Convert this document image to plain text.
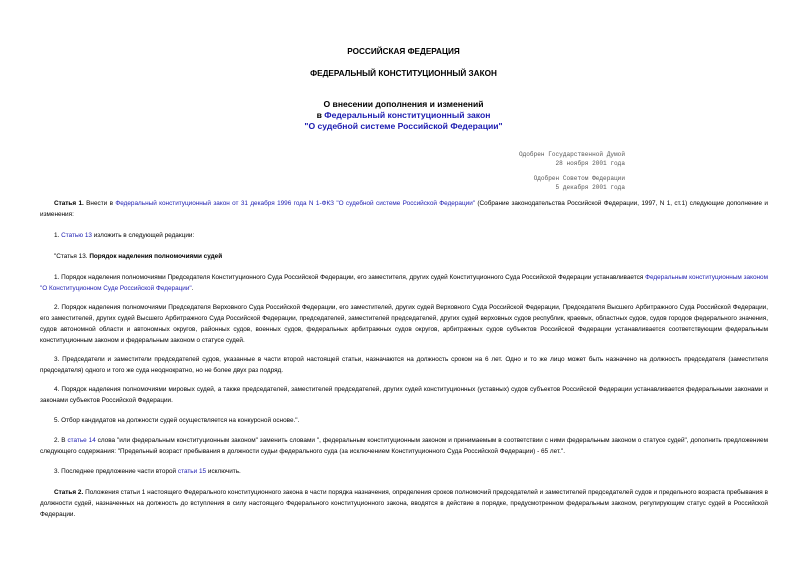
РОССИЙСКАЯ ФЕДЕРАЦИЯ
ФЕДЕРАЛЬНЫЙ КОНСТИТУЦИОННЫЙ ЗАКОН
О внесении дополнения и изменений
в Федеральный конституционный закон
"О судебной системе Российской Федерации"
Одобрен Государственной Думой
28 ноября 2001 года
Одобрен Советом Федерации
5 декабря 2001 года
Статья 1. Внести в Федеральный конституционный закон от 31 декабря 1996 года N 1-ФКЗ "О судебной системе Российской Федерации" (Собрание законодательства Российской Федерации, 1997, N 1, ст.1) следующие дополнение и изменения:
1. Статью 13 изложить в следующей редакции:
"Статья 13. Порядок наделения полномочиями судей
1. Порядок наделения полномочиями Председателя Конституционного Суда Российской Федерации, его заместителя, других судей Конституционного Суда Российской Федерации устанавливается Федеральным конституционным законом "О Конституционном Суде Российской Федерации".
2. Порядок наделения полномочиями Председателя Верховного Суда Российской Федерации, его заместителей, других судей Верховного Суда Российской Федерации, Председателя Высшего Арбитражного Суда Российской Федерации, его заместителей, других судей Высшего Арбитражного Суда Российской Федерации, председателей, заместителей председателей, других судей верховных судов республик, краевых, областных судов, судов городов федерального значения, судов автономной области и автономных округов, районных судов, военных судов, федеральных арбитражных судов округов, арбитражных судов субъектов Российской Федерации устанавливается соответствующим федеральным конституционным законом и федеральным законом о статусе судей.
3. Председатели и заместители председателей судов, указанные в части второй настоящей статьи, назначаются на должность сроком на 6 лет. Одно и то же лицо может быть назначено на должность председателя (заместителя председателя) одного и того же суда неоднократно, но не более двух раз подряд.
4. Порядок наделения полномочиями мировых судей, а также председателей, заместителей председателей, других судей конституционных (уставных) судов субъектов Российской Федерации устанавливается федеральными законами и законами субъектов Российской Федерации.
5. Отбор кандидатов на должности судей осуществляется на конкурсной основе.".
2. В статье 14 слова "или федеральным конституционным законом" заменить словами ", федеральным конституционным законом и принимаемым в соответствии с ними федеральным законом о статусе судей", дополнить предложением следующего содержания: "Предельный возраст пребывания в должности судьи федерального суда (за исключением Конституционного Суда Российской Федерации) - 65 лет.".
3. Последнее предложение части второй статьи 15 исключить.
Статья 2. Положения статьи 1 настоящего Федерального конституционного закона в части порядка назначения, определения сроков полномочий председателей и заместителей председателей судов и предельного возраста пребывания в должности судей, назначенных на должность до вступления в силу настоящего Федерального конституционного закона, вводятся в действие в порядке, предусмотренном федеральным законом, регулирующим статус судей в Российской Федерации.
